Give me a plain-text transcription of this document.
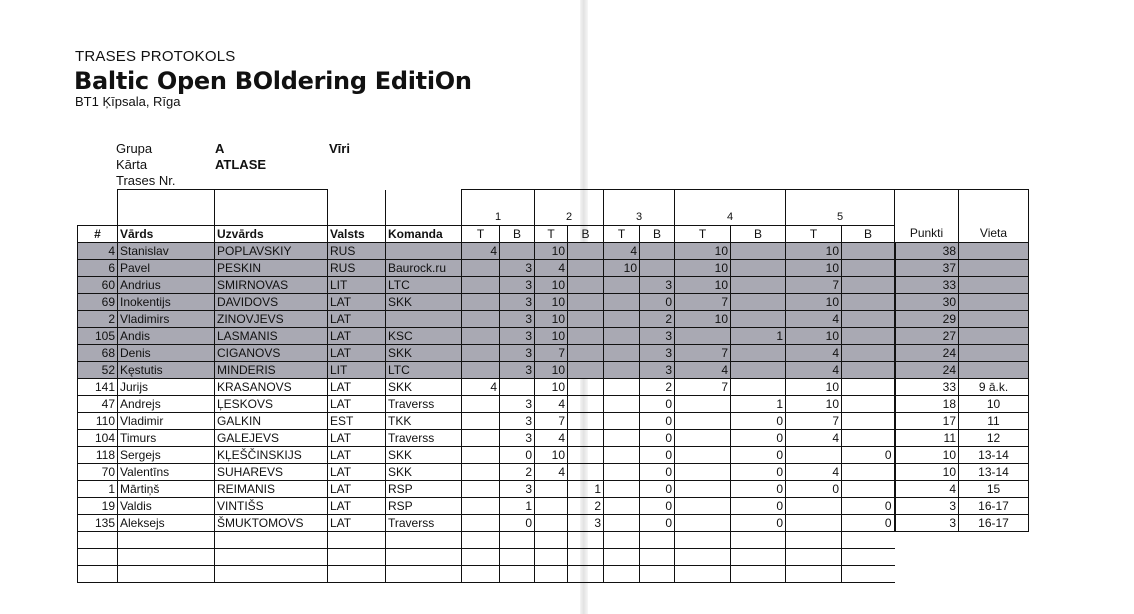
TRASES PROTOKOLS
Baltic Open BOldering EditiOn
BT1 Ķīpsala, Rīga
Grupa	A	Vīri
Kārta	ATLASE
Trases Nr.
					1		2		3		4		5			
#	Vārds	Uzvārds	Valsts	Komanda	T	B	T	B	T	B	T	B	T	B	Punkti	Vieta
4	Stanislav	POPLAVSKIY	RUS		4		10		4		10		10		38	
6	Pavel	PESKIN	RUS	Baurock.ru		3	4		10		10		10		37	
60	Andrius	SMIRNOVAS	LIT	LTC		3	10			3	10		7		33	
69	Inokentijs	DAVIDOVS	LAT	SKK		3	10			0	7		10		30	
2	Vladimirs	ZINOVJEVS	LAT			3	10			2	10		4		29	
105	Andis	LASMANIS	LAT	KSC		3	10			3		1	10		27	
68	Denis	CIGANOVS	LAT	SKK		3	7			3	7		4		24	
52	Kęstutis	MINDERIS	LIT	LTC		3	10			3	4		4		24	
141	Jurijs	KRASANOVS	LAT	SKK	4		10			2	7		10		33	9 ā.k.
47	Andrejs	ĻESKOVS	LAT	Traverss		3	4			0		1	10		18	10
110	Vladimir	GALKIN	EST	TKK		3	7			0		0	7		17	11
104	Timurs	GALEJEVS	LAT	Traverss		3	4			0		0	4		11	12
118	Sergejs	KĻEŠČINSKIJS	LAT	SKK		0	10			0		0		0	10	13-14
70	Valentīns	SUHAREVS	LAT	SKK		2	4			0		0	4		10	13-14
1	Mārtiņš	REIMANIS	LAT	RSP		3		1		0		0	0		4	15
19	Valdis	VINTIŠS	LAT	RSP		1		2		0		0		0	3	16-17
135	Aleksejs	ŠMUKTOMOVS	LAT	Traverss		0		3		0		0		0	3	16-17
